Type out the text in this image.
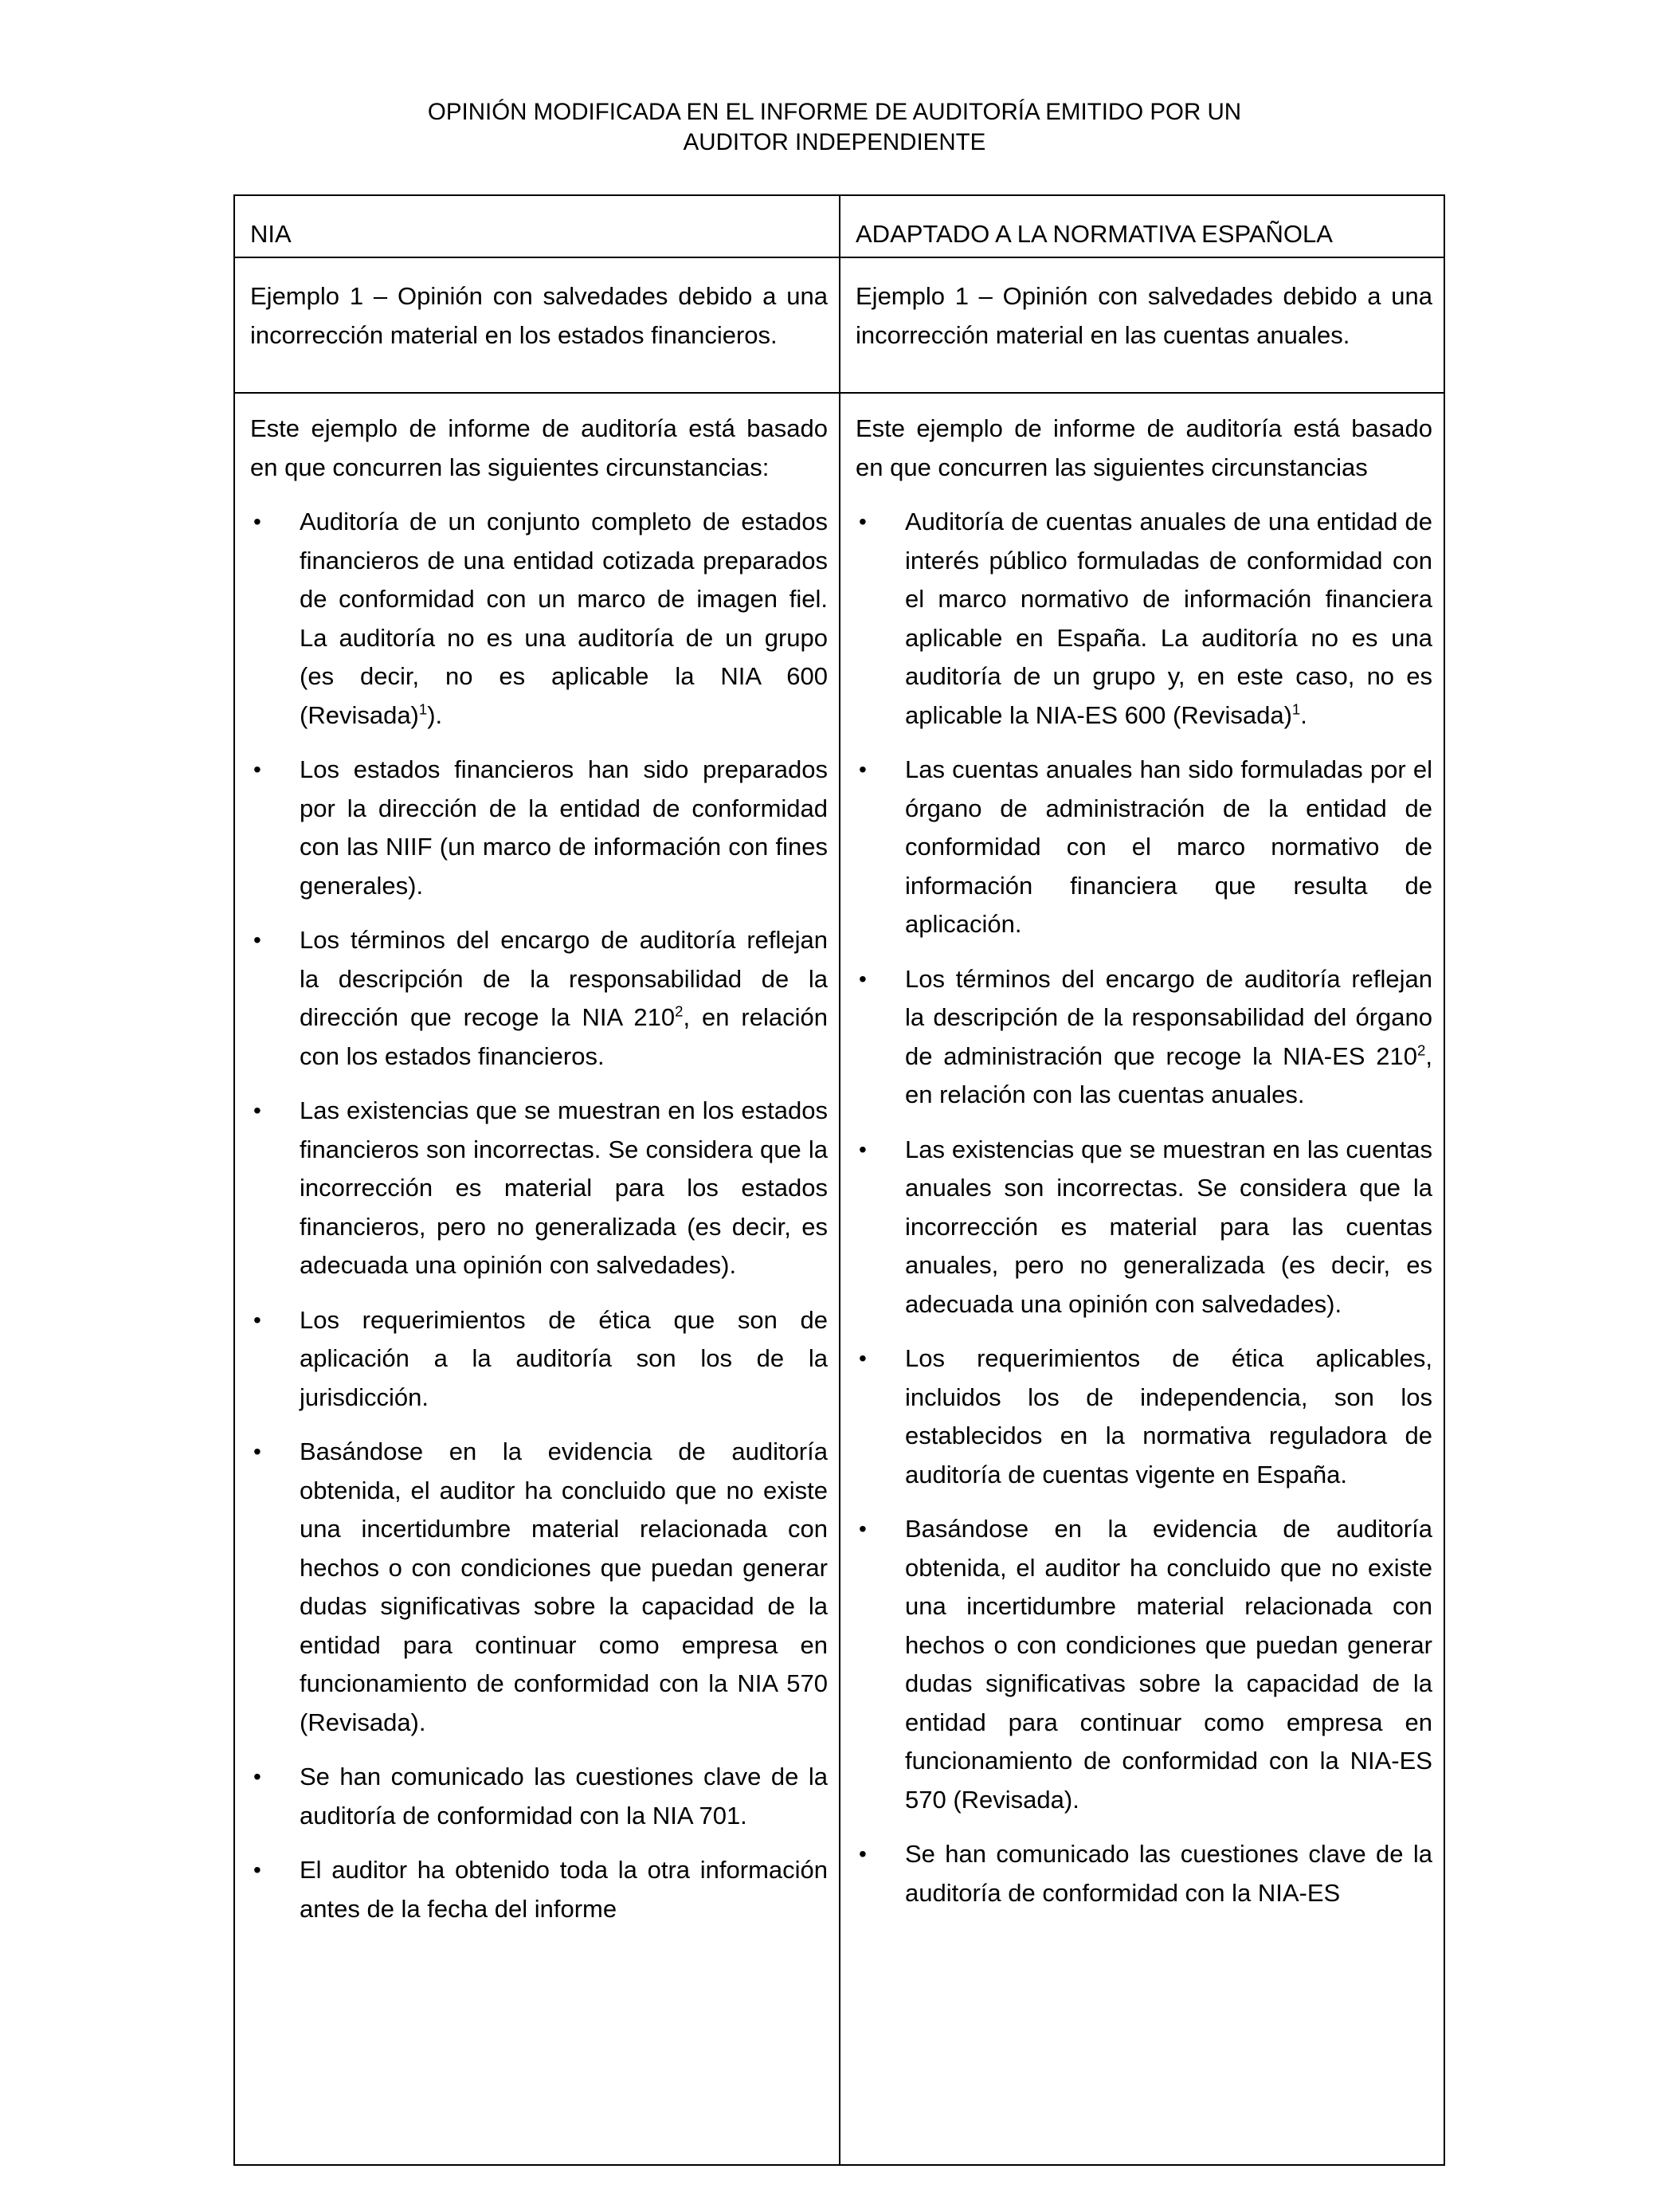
OPINIÓN MODIFICADA EN EL INFORME DE AUDITORÍA EMITIDO POR UN
AUDITOR INDEPENDIENTE
NIA	ADAPTADO A LA NORMATIVA ESPAÑOLA
Ejemplo 1 – Opinión con salvedades debido a una incorrección material en los estados financieros.
Ejemplo 1 – Opinión con salvedades debido a una incorrección material en las cuentas anuales.

Este ejemplo de informe de auditoría está basado en que concurren las siguientes circunstancias:

• Auditoría de un conjunto completo de estados financieros de una entidad cotizada preparados de conformidad con un marco de imagen fiel. La auditoría no es una auditoría de un grupo (es decir, no es aplicable la NIA 600 (Revisada)$^1$).
• Los estados financieros han sido preparados por la dirección de la entidad de conformidad con las NIIF (un marco de información con fines generales).
• Los términos del encargo de auditoría reflejan la descripción de la responsabilidad de la dirección que recoge la NIA $210^2$, en relación con los estados financieros.
• Las existencias que se muestran en los estados financieros son incorrectas. Se considera que la incorrección es material para los estados financieros, pero no generalizada (es decir, es adecuada una opinión con salvedades).
• Los requerimientos de ética que son de aplicación a la auditoría son los de la jurisdicción.
• Basándose en la evidencia de auditoría obtenida, el auditor ha concluido que no existe una incertidumbre material relacionada con hechos o con condiciones que puedan generar dudas significativas sobre la capacidad de la entidad para continuar como empresa en funcionamiento de conformidad con la NIA 570 (Revisada).
• Se han comunicado las cuestiones clave de la auditoría de conformidad con la NIA 701.
• El auditor ha obtenido toda la otra información antes de la fecha del informe

Este ejemplo de informe de auditoría está basado en que concurren las siguientes circunstancias

• Auditoría de cuentas anuales de una entidad de interés público formuladas de conformidad con el marco normativo de información financiera aplicable en España. La auditoría no es una auditoría de un grupo y, en este caso, no es aplicable la NIA-ES 600 (Revisada)$^1$.
• Las cuentas anuales han sido formuladas por el órgano de administración de la entidad de conformidad con el marco normativo de información financiera que resulta de aplicación.
• Los términos del encargo de auditoría reflejan la descripción de la responsabilidad del órgano de administración que recoge la NIA-ES $210^2$, en relación con las cuentas anuales.
• Las existencias que se muestran en las cuentas anuales son incorrectas. Se considera que la incorrección es material para las cuentas anuales, pero no generalizada (es decir, es adecuada una opinión con salvedades).
• Los requerimientos de ética aplicables, incluidos los de independencia, son los establecidos en la normativa reguladora de auditoría de cuentas vigente en España.
• Basándose en la evidencia de auditoría obtenida, el auditor ha concluido que no existe una incertidumbre material relacionada con hechos o con condiciones que puedan generar dudas significativas sobre la capacidad de la entidad para continuar como empresa en funcionamiento de conformidad con la NIA-ES 570 (Revisada).
• Se han comunicado las cuestiones clave de la auditoría de conformidad con la NIA-ES
